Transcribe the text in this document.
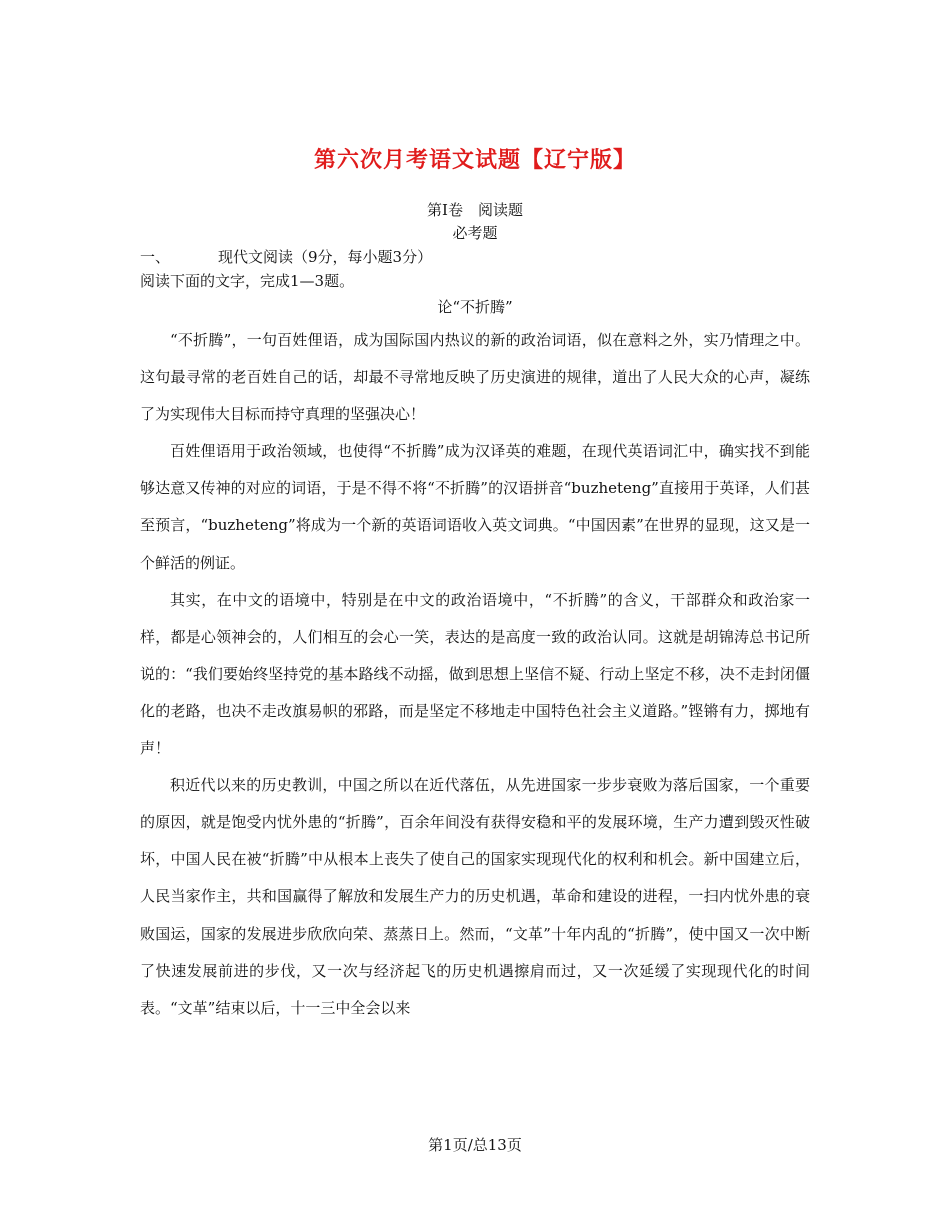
第六次月考语文试题【辽宁版】
第Ⅰ卷　阅读题
必考题
一、	现代文阅读（9分，每小题3分）
阅读下面的文字，完成1—3题。
论“不折腾”

“不折腾”，一句百姓俚语，成为国际国内热议的新的政治词语，似在意料之外，实乃情理之中。这句最寻常的老百姓自己的话，却最不寻常地反映了历史演进的规律，道出了人民大众的心声，凝练了为实现伟大目标而持守真理的坚强决心！

百姓俚语用于政治领域，也使得“不折腾”成为汉译英的难题，在现代英语词汇中，确实找不到能够达意又传神的对应的词语，于是不得不将“不折腾”的汉语拼音“buzheteng”直接用于英译，人们甚至预言，“buzheteng”将成为一个新的英语词语收入英文词典。“中国因素”在世界的显现，这又是一个鲜活的例证。

其实，在中文的语境中，特别是在中文的政治语境中，“不折腾”的含义，干部群众和政治家一样，都是心领神会的，人们相互的会心一笑，表达的是高度一致的政治认同。这就是胡锦涛总书记所说的：“我们要始终坚持党的基本路线不动摇，做到思想上坚信不疑、行动上坚定不移，决不走封闭僵化的老路，也决不走改旗易帜的邪路，而是坚定不移地走中国特色社会主义道路。”铿锵有力，掷地有声！

积近代以来的历史教训，中国之所以在近代落伍，从先进国家一步步衰败为落后国家，一个重要的原因，就是饱受内忧外患的“折腾”，百余年间没有获得安稳和平的发展环境，生产力遭到毁灭性破坏，中国人民在被“折腾”中从根本上丧失了使自己的国家实现现代化的权利和机会。新中国建立后，人民当家作主，共和国赢得了解放和发展生产力的历史机遇，革命和建设的进程，一扫内忧外患的衰败国运，国家的发展进步欣欣向荣、蒸蒸日上。然而，“文革”十年内乱的“折腾”，使中国又一次中断了快速发展前进的步伐，又一次与经济起飞的历史机遇擦肩而过，又一次延缓了实现现代化的时间表。“文革”结束以后，十一三中全会以来

第1页/总13页
